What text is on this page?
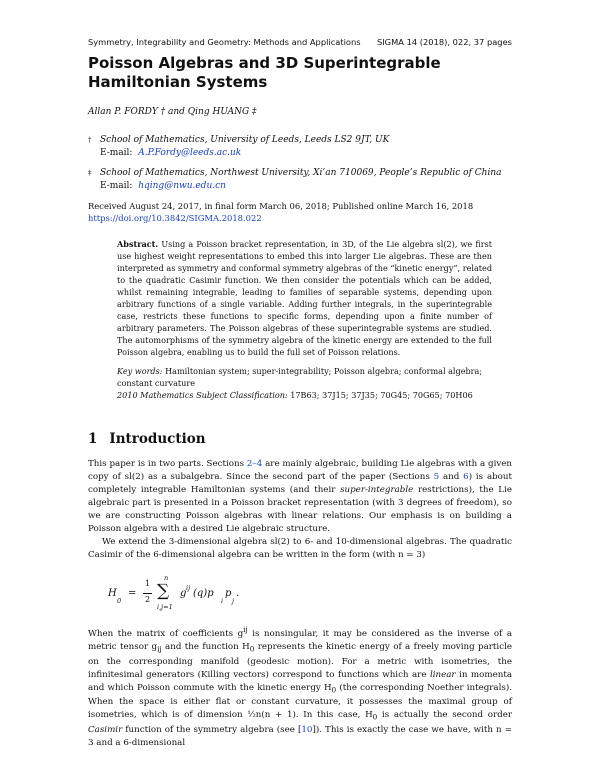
Symmetry, Integrability and Geometry: Methods and Applications SIGMA 14 (2018), 022, 37 pages
Poisson Algebras and 3D Superintegrable Hamiltonian Systems
Allan P. FORDY † and Qing HUANG ‡
† School of Mathematics, University of Leeds, Leeds LS2 9JT, UK
E-mail: A.P.Fordy@leeds.ac.uk
‡ School of Mathematics, Northwest University, Xi’an 710069, People’s Republic of China
E-mail: hqing@nwu.edu.cn
Received August 24, 2017, in final form March 06, 2018; Published online March 16, 2018
https://doi.org/10.3842/SIGMA.2018.022
Abstract. Using a Poisson bracket representation, in 3D, of the Lie algebra sl(2), we first use highest weight representations to embed this into larger Lie algebras. These are then interpreted as symmetry and conformal symmetry algebras of the “kinetic energy”, related to the quadratic Casimir function. We then consider the potentials which can be added, whilst remaining integrable, leading to families of separable systems, depending upon arbitrary functions of a single variable. Adding further integrals, in the superintegrable case, restricts these functions to specific forms, depending upon a finite number of arbitrary parameters. The Poisson algebras of these superintegrable systems are studied. The automorphisms of the symmetry algebra of the kinetic energy are extended to the full Poisson algebra, enabling us to build the full set of Poisson relations.
Key words: Hamiltonian system; super-integrability; Poisson algebra; conformal algebra; constant curvature
2010 Mathematics Subject Classification: 17B63; 37J15; 37J35; 70G45; 70G65; 70H06
1 Introduction
This paper is in two parts. Sections 2–4 are mainly algebraic, building Lie algebras with a given copy of sl(2) as a subalgebra. Since the second part of the paper (Sections 5 and 6) is about completely integrable Hamiltonian systems (and their super-integrable restrictions), the Lie algebraic part is presented in a Poisson bracket representation (with 3 degrees of freedom), so we are constructing Poisson algebras with linear relations. Our emphasis is on building a Poisson algebra with a desired Lie algebraic structure.
We extend the 3-dimensional algebra sl(2) to 6- and 10-dimensional algebras. The quadratic Casimir of the 6-dimensional algebra can be written in the form (with n = 3)
H
0
=
1
2
n
∑
i,j=1
g ij (q)p
i
p
j
.
When the matrix of coefficients $g^{ij}$ is nonsingular, it may be considered as the inverse of a metric tensor $g_{ij}$ and the function $H_0$ represents the kinetic energy of a freely moving particle on the corresponding manifold (geodesic motion). For a metric with isometries, the infinitesimal generators (Killing vectors) correspond to functions which are linear in momenta and which Poisson commute with the kinetic energy $H_0$ (the corresponding Noether integrals). When the space is either flat or constant curvature, it possesses the maximal group of isometries, which is of dimension ½n(n + 1). In this case, $H_0$ is actually the second order Casimir function of the symmetry algebra (see [10]). This is exactly the case we have, with n = 3 and a 6-dimensional
